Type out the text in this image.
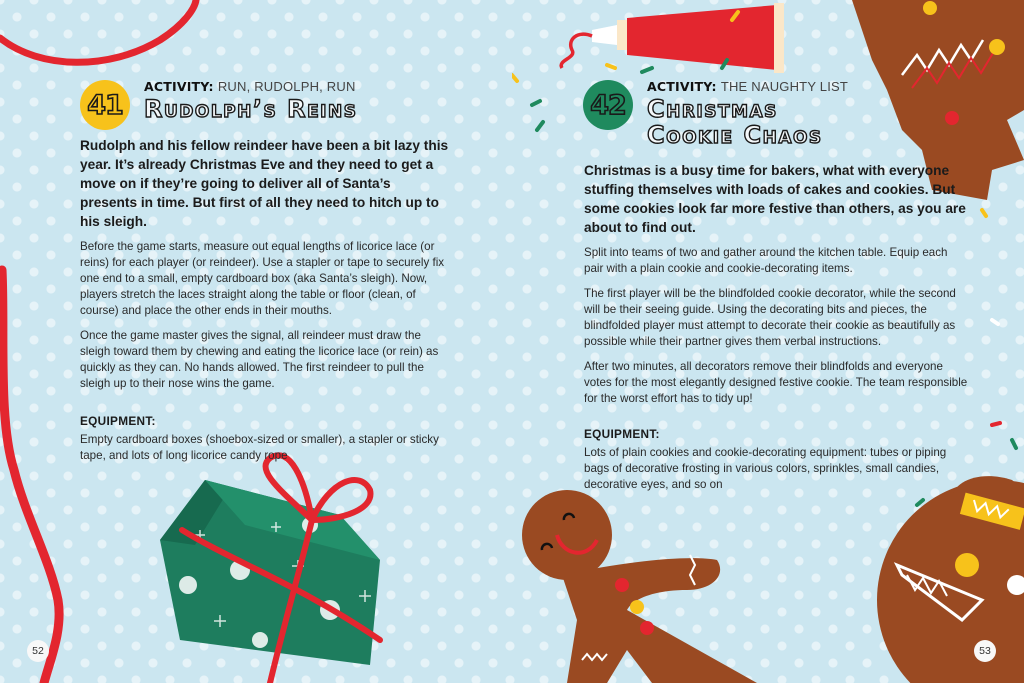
41
ACTIVITY: RUN, RUDOLPH, RUN
Rudolph’s Reins

Rudolph and his fellow reindeer have been a bit lazy this year. It’s already Christmas Eve and they need to get a move on if they’re going to deliver all of Santa’s presents in time. But first of all they need to hitch up to his sleigh.

Before the game starts, measure out equal lengths of licorice lace (or reins) for each player (or reindeer). Use a stapler or tape to securely fix one end to a small, empty cardboard box (aka Santa’s sleigh). Now, players stretch the laces straight along the table or floor (clean, of course) and place the other ends in their mouths.

Once the game master gives the signal, all reindeer must draw the sleigh toward them by chewing and eating the licorice lace (or rein) as quickly as they can. No hands allowed. The first reindeer to pull the sleigh up to their nose wins the game.

EQUIPMENT:

Empty cardboard boxes (shoebox-sized or smaller), a stapler or sticky tape, and lots of long licorice candy rope

52
42
ACTIVITY: THE NAUGHTY LIST
Christmas
Cookie Chaos

Christmas is a busy time for bakers, what with everyone stuffing themselves with loads of cakes and cookies. But some cookies look far more festive than others, as you are about to find out.

Split into teams of two and gather around the kitchen table. Equip each pair with a plain cookie and cookie-decorating items.

The first player will be the blindfolded cookie decorator, while the second will be their seeing guide. Using the decorating bits and pieces, the blindfolded player must attempt to decorate their cookie as beautifully as possible while their partner gives them verbal instructions.

After two minutes, all decorators remove their blindfolds and everyone votes for the most elegantly designed festive cookie. The team responsible for the worst effort has to tidy up!

EQUIPMENT:

Lots of plain cookies and cookie-decorating equipment: tubes or piping bags of decorative frosting in various colors, sprinkles, small candies, decorative eyes, and so on

53
